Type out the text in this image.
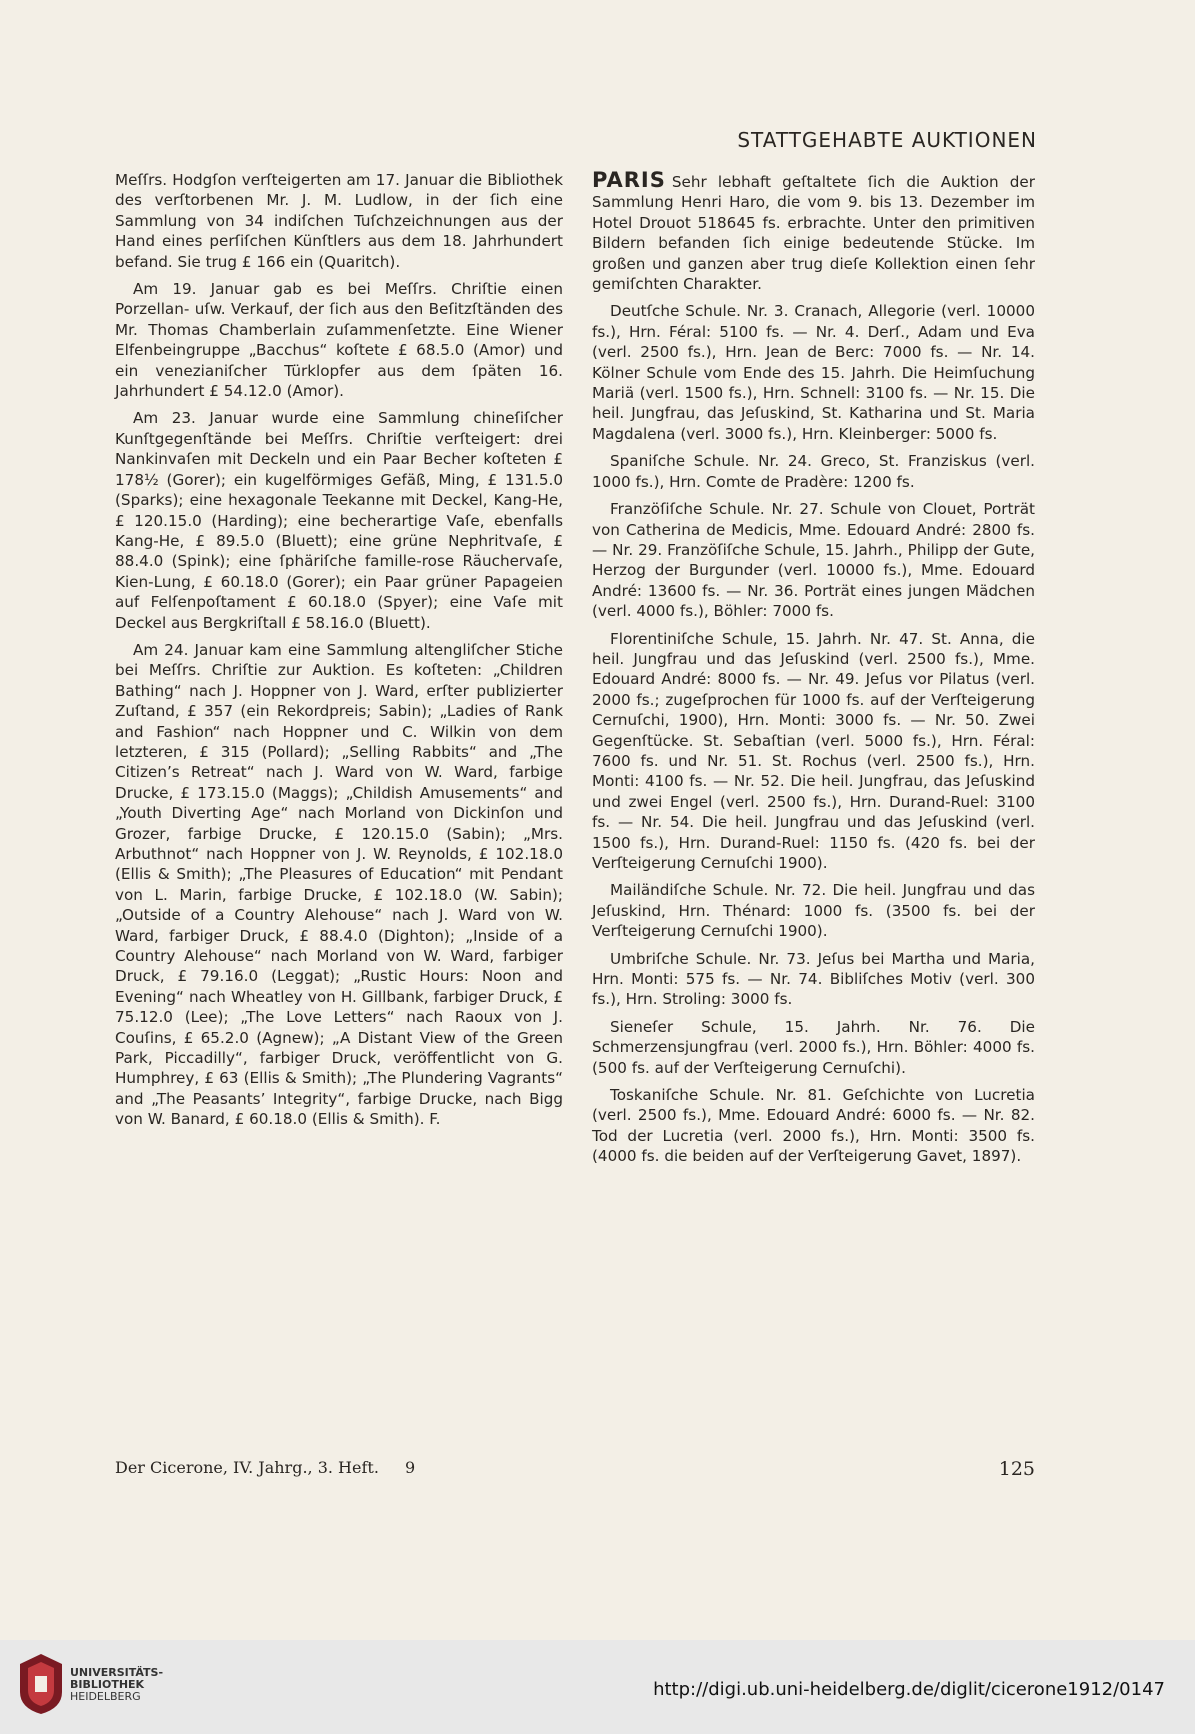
STATTGEHABTE AUKTIONEN

Meſſrs. Hodgſon verſteigerten am 17. Januar die Bibliothek des verſtorbenen Mr. J. M. Ludlow, in der ſich eine Sammlung von 34 indiſchen Tuſchzeichnungen aus der Hand eines perſiſchen Künſtlers aus dem 18. Jahrhundert befand. Sie trug £ 166 ein (Quaritch).

Am 19. Januar gab es bei Meſſrs. Chriſtie einen Porzellan- uſw. Verkauf, der ſich aus den Beſitzſtänden des Mr. Thomas Chamberlain zuſammenſetzte. Eine Wiener Elfenbeingruppe „Bacchus“ koſtete £ 68.5.0 (Amor) und ein venezianiſcher Türklopfer aus dem ſpäten 16. Jahrhundert £ 54.12.0 (Amor).

Am 23. Januar wurde eine Sammlung chineſiſcher Kunſtgegenſtände bei Meſſrs. Chriſtie verſteigert: drei Nankinvaſen mit Deckeln und ein Paar Becher koſteten £ 178½ (Gorer); ein kugelförmiges Gefäß, Ming, £ 131.5.0 (Sparks); eine hexagonale Teekanne mit Deckel, Kang-He, £ 120.15.0 (Harding); eine becherartige Vaſe, ebenfalls Kang-He, £ 89.5.0 (Bluett); eine grüne Nephritvaſe, £ 88.4.0 (Spink); eine ſphäriſche famille-rose Räuchervaſe, Kien-Lung, £ 60.18.0 (Gorer); ein Paar grüner Papageien auf Felſenpoſtament £ 60.18.0 (Spyer); eine Vaſe mit Deckel aus Bergkriſtall £ 58.16.0 (Bluett).

Am 24. Januar kam eine Sammlung altengliſcher Stiche bei Meſſrs. Chriſtie zur Auktion. Es koſteten: „Children Bathing“ nach J. Hoppner von J. Ward, erſter publizierter Zuſtand, £ 357 (ein Rekordpreis; Sabin); „Ladies of Rank and Fashion“ nach Hoppner und C. Wilkin von dem letzteren, £ 315 (Pollard); „Selling Rabbits“ and „The Citizen’s Retreat“ nach J. Ward von W. Ward, farbige Drucke, £ 173.15.0 (Maggs); „Childish Amusements“ and „Youth Diverting Age“ nach Morland von Dickinſon und Grozer, farbige Drucke, £ 120.15.0 (Sabin); „Mrs. Arbuthnot“ nach Hoppner von J. W. Reynolds, £ 102.18.0 (Ellis & Smith); „The Pleasures of Education“ mit Pendant von L. Marin, farbige Drucke, £ 102.18.0 (W. Sabin); „Outside of a Country Alehouse“ nach J. Ward von W. Ward, farbiger Druck, £ 88.4.0 (Dighton); „Inside of a Country Alehouse“ nach Morland von W. Ward, farbiger Druck, £ 79.16.0 (Leggat); „Rustic Hours: Noon and Evening“ nach Wheatley von H. Gillbank, farbiger Druck, £ 75.12.0 (Lee); „The Love Letters“ nach Raoux von J. Couſins, £ 65.2.0 (Agnew); „A Distant View of the Green Park, Piccadilly“, farbiger Druck, veröffentlicht von G. Humphrey, £ 63 (Ellis & Smith); „The Plundering Vagrants“ and „The Peasants’ Integrity“, farbige Drucke, nach Bigg von W. Banard, £ 60.18.0 (Ellis & Smith). F.

PARIS Sehr lebhaft geſtaltete ſich die Auktion der Sammlung Henri Haro, die vom 9. bis 13. Dezember im Hotel Drouot 518645 fs. erbrachte. Unter den primitiven Bildern befanden ſich einige bedeutende Stücke. Im großen und ganzen aber trug dieſe Kollektion einen ſehr gemiſchten Charakter.

Deutſche Schule. Nr. 3. Cranach, Allegorie (verl. 10000 fs.), Hrn. Féral: 5100 fs. — Nr. 4. Derſ., Adam und Eva (verl. 2500 fs.), Hrn. Jean de Berc: 7000 fs. — Nr. 14. Kölner Schule vom Ende des 15. Jahrh. Die Heimſuchung Mariä (verl. 1500 fs.), Hrn. Schnell: 3100 fs. — Nr. 15. Die heil. Jungfrau, das Jeſuskind, St. Katharina und St. Maria Magdalena (verl. 3000 fs.), Hrn. Kleinberger: 5000 fs.

Spaniſche Schule. Nr. 24. Greco, St. Franziskus (verl. 1000 fs.), Hrn. Comte de Pradère: 1200 fs.

Franzöſiſche Schule. Nr. 27. Schule von Clouet, Porträt von Catherina de Medicis, Mme. Edouard André: 2800 fs. — Nr. 29. Franzöſiſche Schule, 15. Jahrh., Philipp der Gute, Herzog der Burgunder (verl. 10000 fs.), Mme. Edouard André: 13600 fs. — Nr. 36. Porträt eines jungen Mädchen (verl. 4000 fs.), Böhler: 7000 fs.

Florentiniſche Schule, 15. Jahrh. Nr. 47. St. Anna, die heil. Jungfrau und das Jeſuskind (verl. 2500 fs.), Mme. Edouard André: 8000 fs. — Nr. 49. Jeſus vor Pilatus (verl. 2000 fs.; zugeſprochen für 1000 fs. auf der Verſteigerung Cernuſchi, 1900), Hrn. Monti: 3000 fs. — Nr. 50. Zwei Gegenſtücke. St. Sebaſtian (verl. 5000 fs.), Hrn. Féral: 7600 fs. und Nr. 51. St. Rochus (verl. 2500 fs.), Hrn. Monti: 4100 fs. — Nr. 52. Die heil. Jungfrau, das Jeſuskind und zwei Engel (verl. 2500 fs.), Hrn. Durand-Ruel: 3100 fs. — Nr. 54. Die heil. Jungfrau und das Jeſuskind (verl. 1500 fs.), Hrn. Durand-Ruel: 1150 fs. (420 fs. bei der Verſteigerung Cernuſchi 1900).

Mailändiſche Schule. Nr. 72. Die heil. Jungfrau und das Jeſuskind, Hrn. Thénard: 1000 fs. (3500 fs. bei der Verſteigerung Cernuſchi 1900).

Umbriſche Schule. Nr. 73. Jeſus bei Martha und Maria, Hrn. Monti: 575 fs. — Nr. 74. Bibliſches Motiv (verl. 300 fs.), Hrn. Stroling: 3000 fs.

Sieneſer Schule, 15. Jahrh. Nr. 76. Die Schmerzensjungfrau (verl. 2000 fs.), Hrn. Böhler: 4000 fs. (500 fs. auf der Verſteigerung Cernuſchi).

Toskaniſche Schule. Nr. 81. Geſchichte von Lucretia (verl. 2500 fs.), Mme. Edouard André: 6000 fs. — Nr. 82. Tod der Lucretia (verl. 2000 fs.), Hrn. Monti: 3500 fs. (4000 fs. die beiden auf der Verſteigerung Gavet, 1897).

Der Cicerone, IV. Jahrg., 3. Heft. 9	125
UNIVERSITÄTS-
BIBLIOTHEK
HEIDELBERG	http://digi.ub.uni-heidelberg.de/diglit/cicerone1912/0147
